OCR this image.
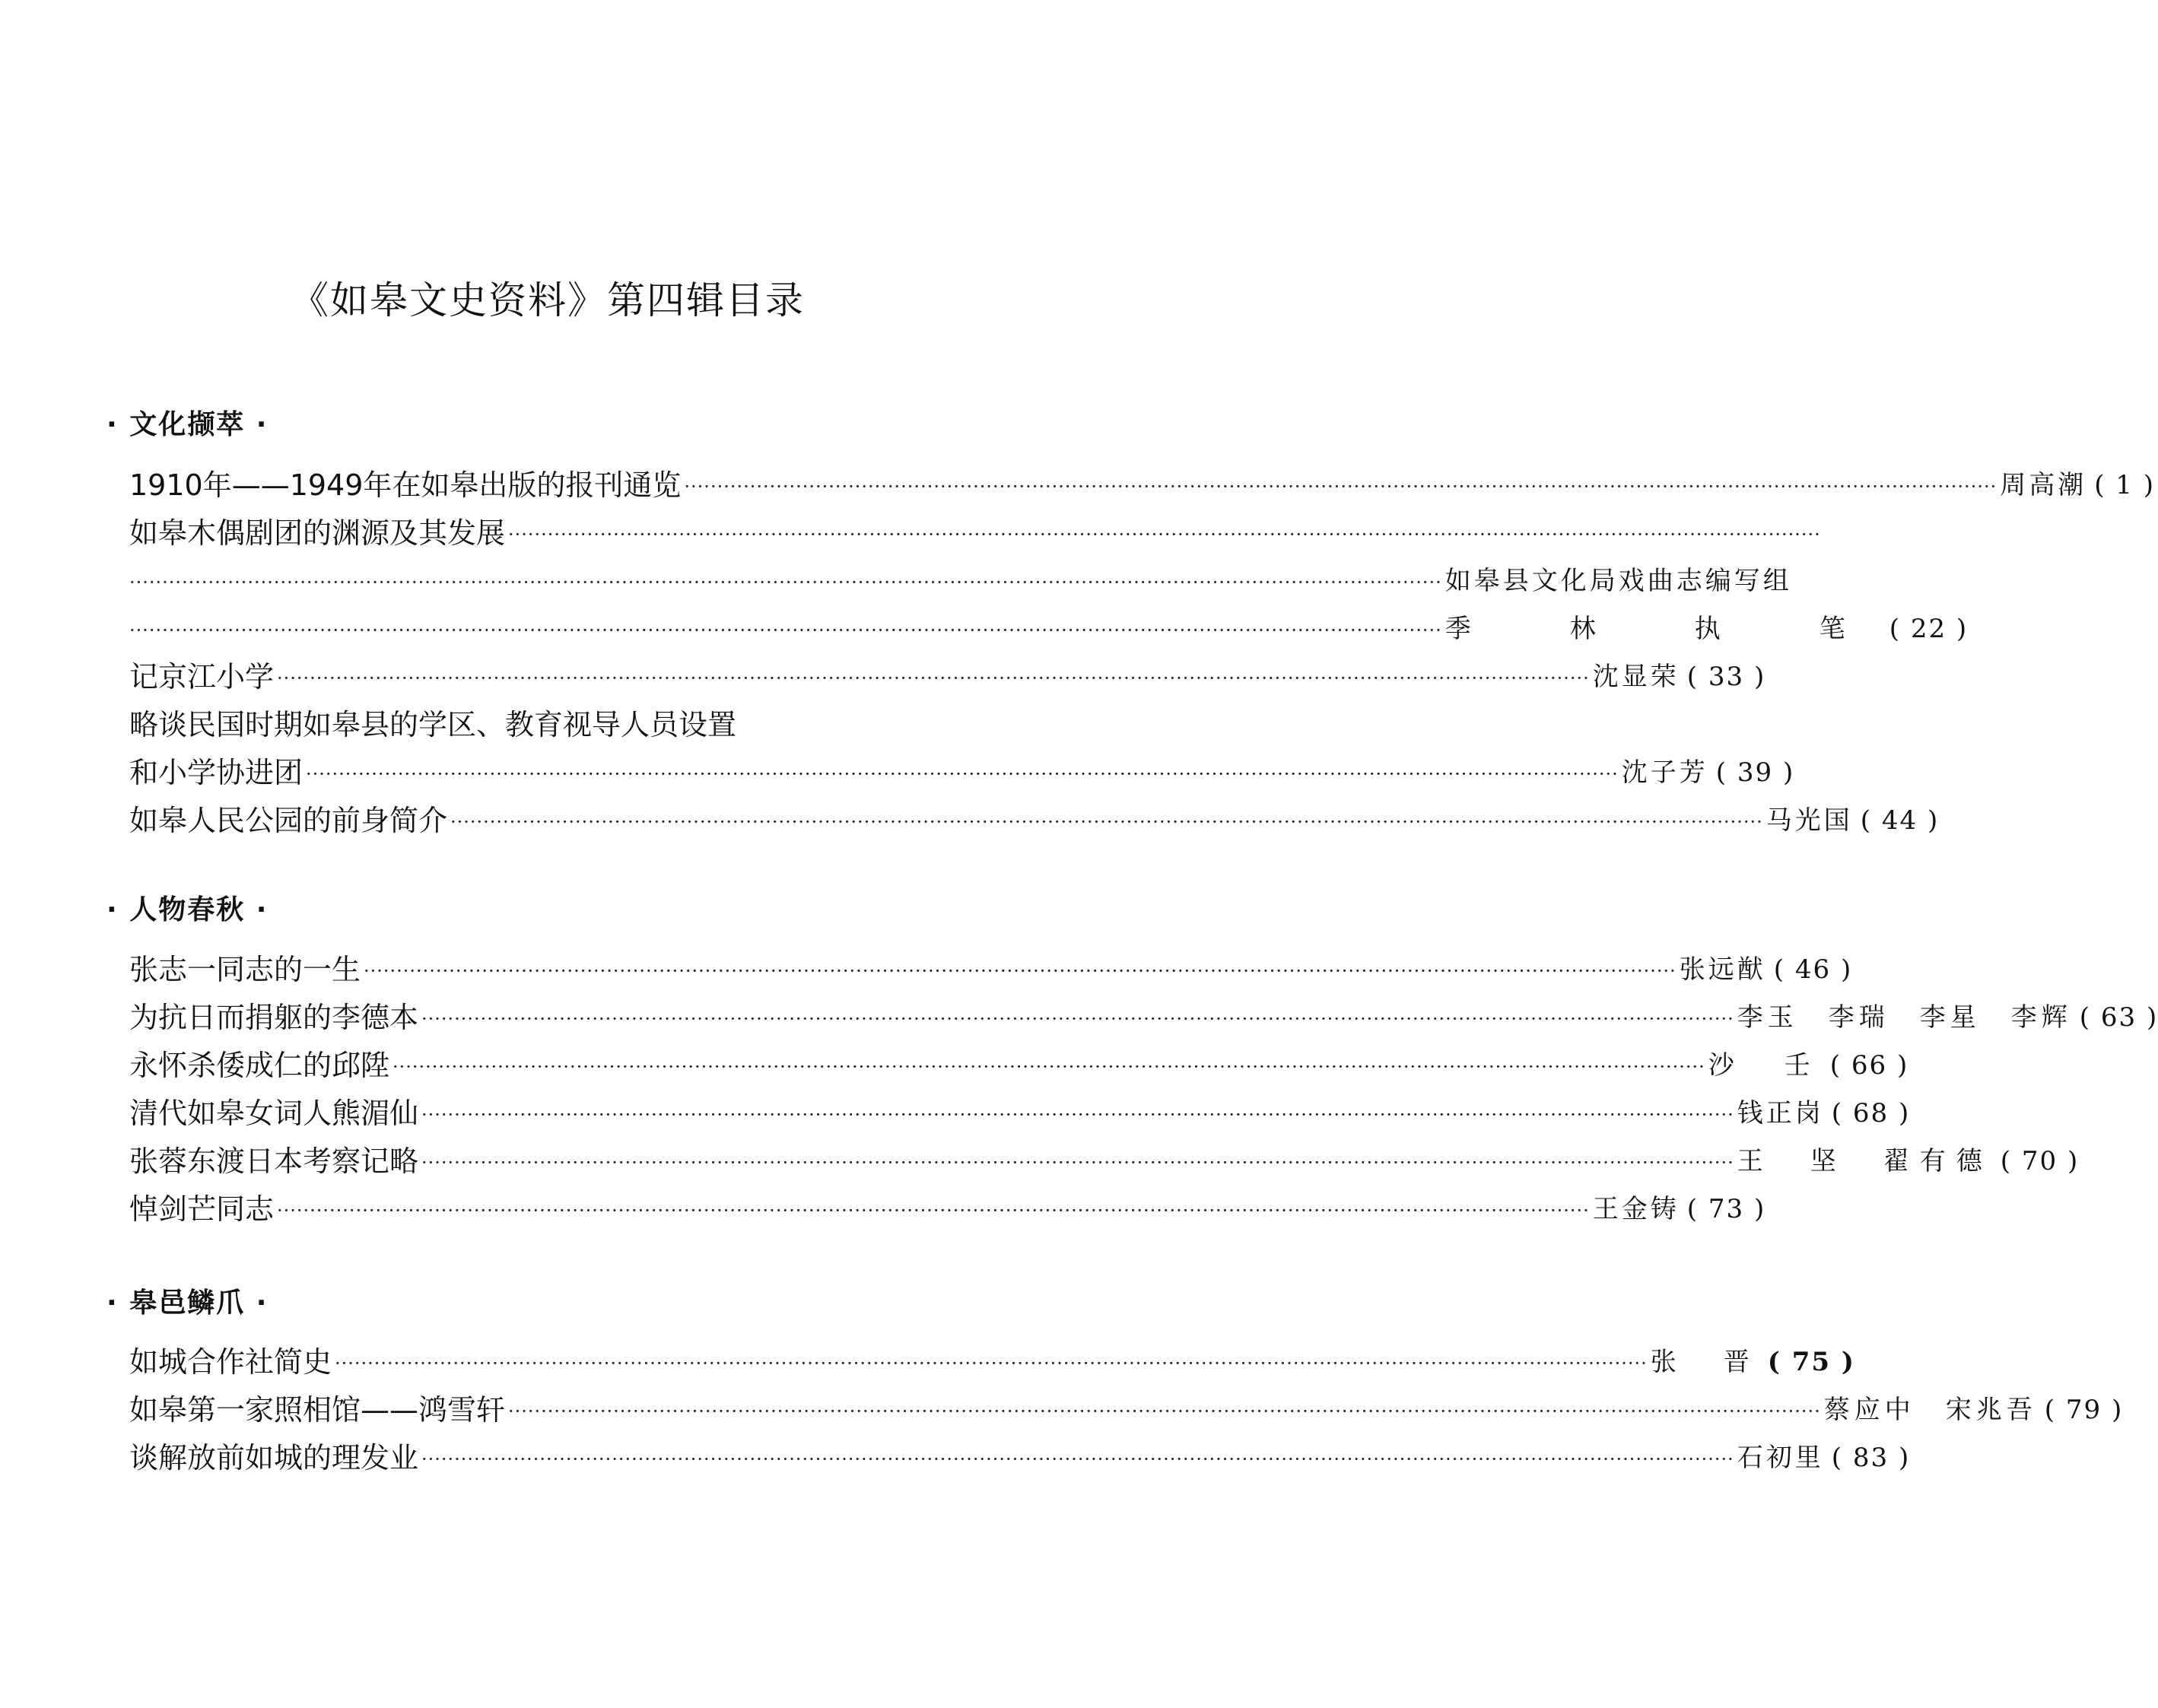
《如皋文史资料》第四辑目录
· 文化撷萃 ·
1910年——1949年在如皋出版的报刊通览 ········································································································································································································ 周高潮 ( 1 )
如皋木偶剧团的渊源及其发展 ········································································································································································································
········································································································································································································ 如皋县文化局戏曲志编写组
········································································································································································································ 季　林　执　笔 ( 22 )
记京江小学 ········································································································································································································ 沈显荣 ( 33 )
略谈民国时期如皋县的学区、教育视导人员设置
和小学协进团 ········································································································································································································ 沈子芳 ( 39 )
如皋人民公园的前身简介 ········································································································································································································ 马光国 ( 44 )
· 人物春秋 ·
张志一同志的一生 ········································································································································································································ 张远猷 ( 46 )
为抗日而捐躯的李德本 ········································································································································································································ 李玉　李瑞　李星　李辉 ( 63 )
永怀杀倭成仁的邱陞 ········································································································································································································ 沙　壬 ( 66 )
清代如皋女词人熊湄仙 ········································································································································································································ 钱正岗 ( 68 )
张蓉东渡日本考察记略 ········································································································································································································ 王　坚　翟有德 ( 70 )
悼剑芒同志 ········································································································································································································ 王金铸 ( 73 )
· 皋邑鳞爪 ·
如城合作社简史 ········································································································································································································ 张　晋 ( 75 )
如皋第一家照相馆——鸿雪轩 ········································································································································································································ 蔡应中　宋兆吾 ( 79 )
谈解放前如城的理发业 ········································································································································································································ 石初里 ( 83 )
